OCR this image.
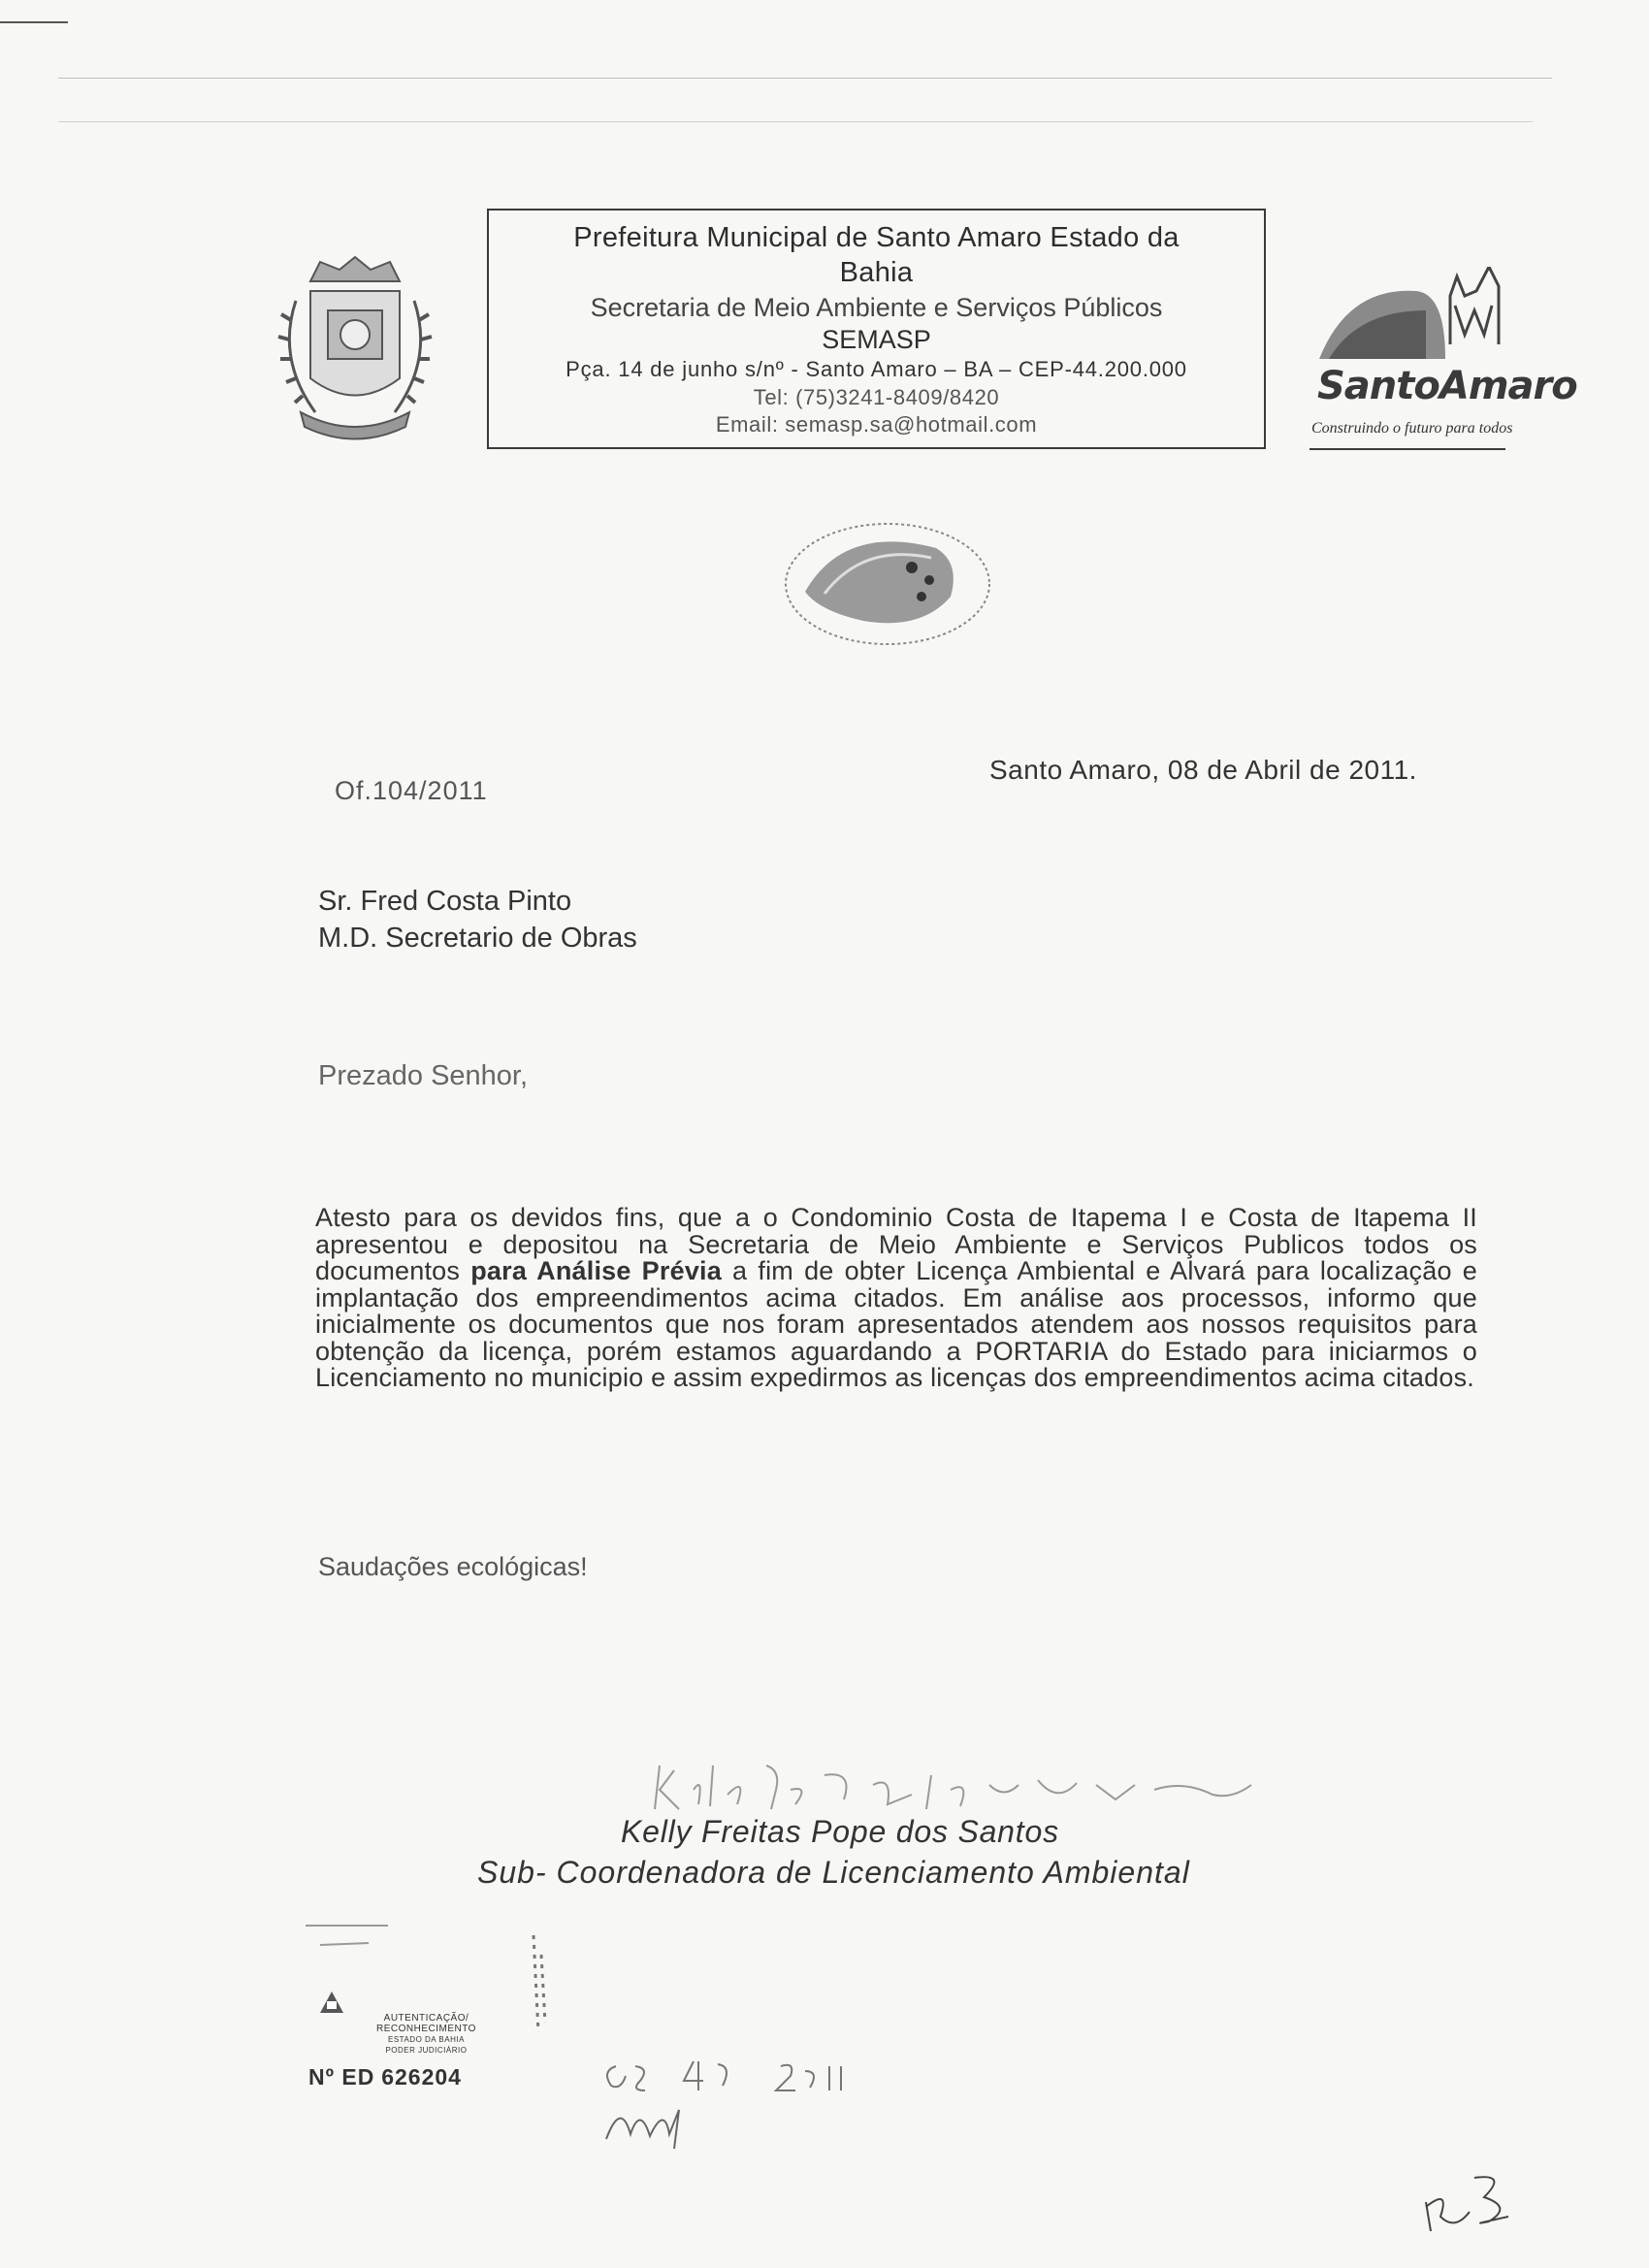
Prefeitura Municipal de Santo Amaro Estado da
Bahia
Secretaria de Meio Ambiente e Serviços Públicos
SEMASP
Pça. 14 de junho s/nº - Santo Amaro – BA – CEP-44.200.000
Tel: (75)3241-8409/8420
Email: semasp.sa@hotmail.com
SantoAmaro
Construindo o futuro para todos
Of.104/2011
Santo Amaro, 08 de Abril de 2011.
Sr. Fred Costa Pinto
M.D. Secretario de Obras
Prezado Senhor,
Atesto para os devidos fins, que a o Condominio Costa de Itapema I e Costa de Itapema II apresentou e depositou na Secretaria de Meio Ambiente e Serviços Publicos todos os documentos para Análise Prévia a fim de obter Licença Ambiental e Alvará para localização e implantação dos empreendimentos acima citados. Em análise aos processos, informo que inicialmente os documentos que nos foram apresentados atendem aos nossos requisitos para obtenção da licença, porém estamos aguardando a PORTARIA do Estado para iniciarmos o Licenciamento no municipio e assim expedirmos as licenças dos empreendimentos acima citados.
Saudações ecológicas!
Kelly Freitas Pope dos Santos
Sub- Coordenadora de Licenciamento Ambiental
AUTENTICAÇÃO/
RECONHECIMENTO
ESTADO DA BAHIA
PODER JUDICIÁRIO
Nº ED 626204
